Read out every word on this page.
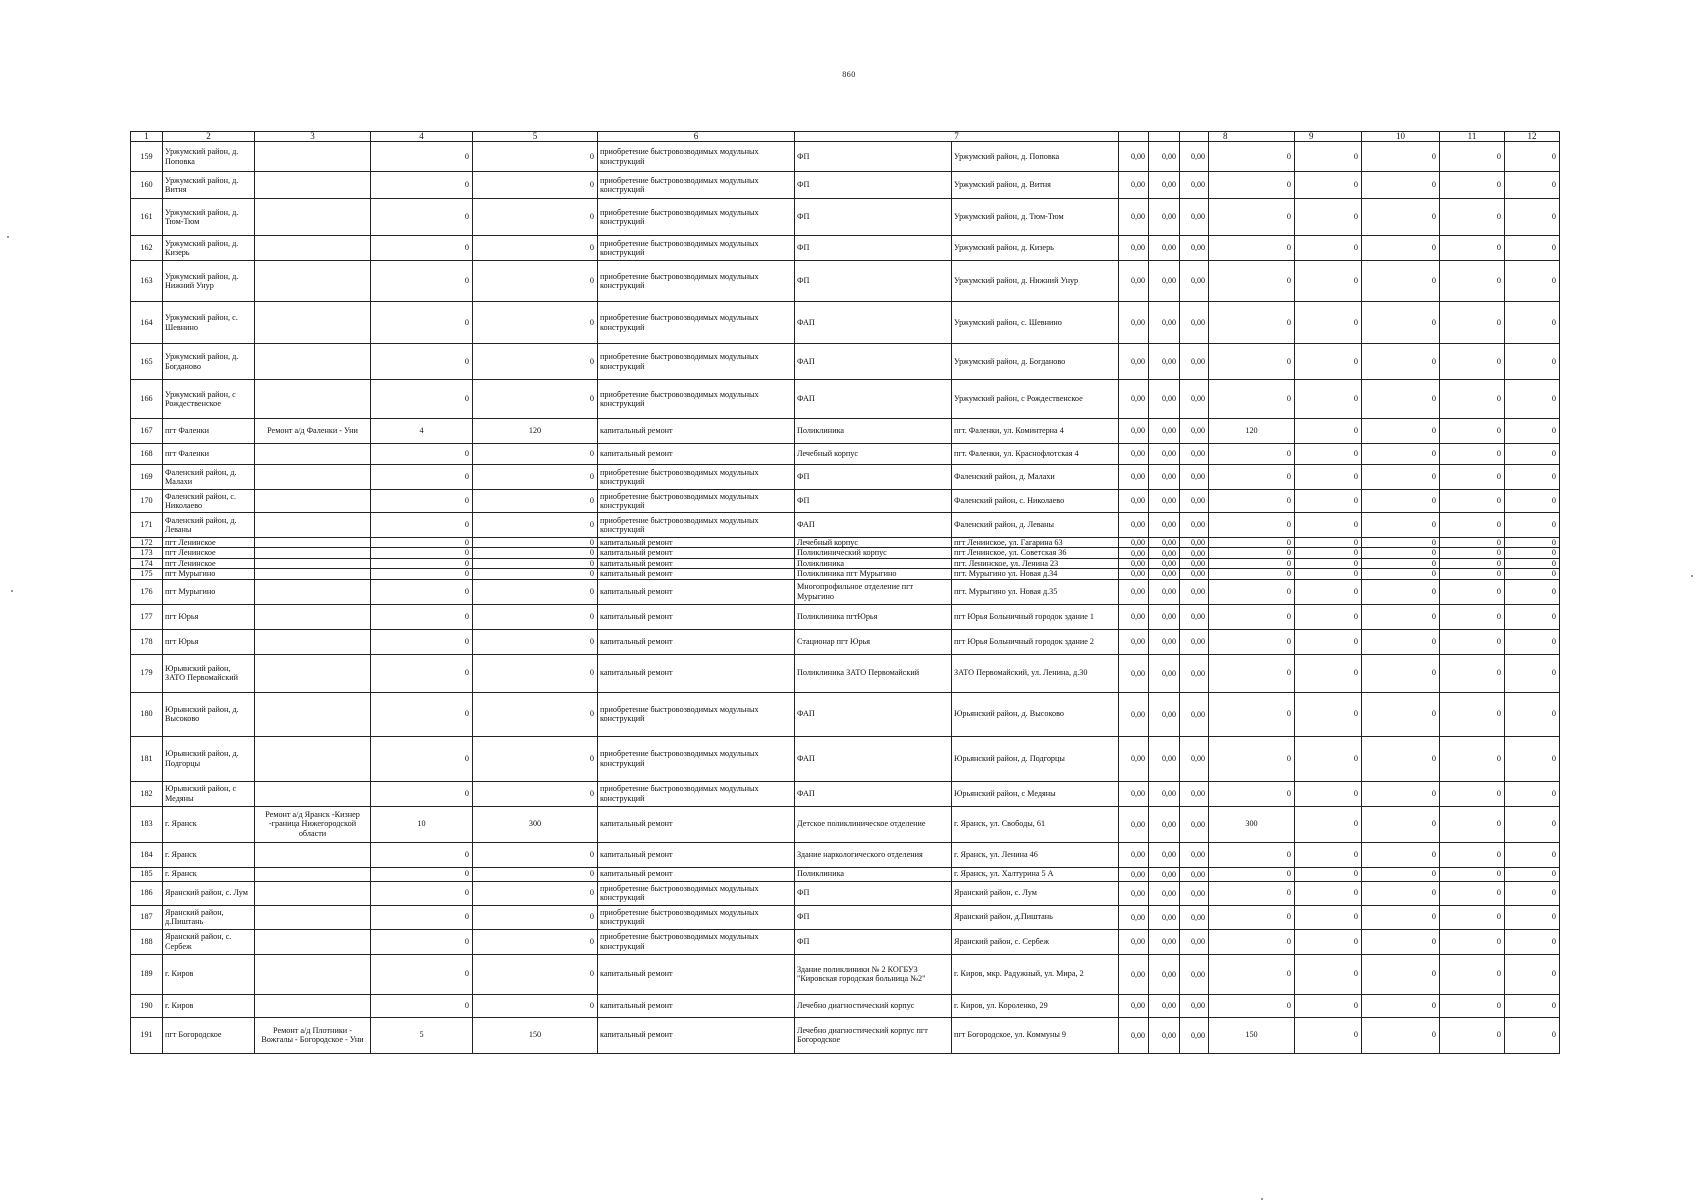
860
1	2	3	4	5	6	7					8	9	10	11	12
159	Уржумский район, д. Поповка		0	0	приобретение быстровозводимых модульных конструкций	ФП	Уржумский район, д. Поповка	0,00	0,00	0,00	0	0	0	0	0
160	Уржумский район, д. Витня		0	0	приобретение быстровозводимых модульных конструкций	ФП	Уржумский район, д. Витня	0,00	0,00	0,00	0	0	0	0	0
161	Уржумский район, д. Тюм-Тюм		0	0	приобретение быстровозводимых модульных конструкций	ФП	Уржумский район, д. Тюм-Тюм	0,00	0,00	0,00	0	0	0	0	0
162	Уржумский район, д. Кизерь		0	0	приобретение быстровозводимых модульных конструкций	ФП	Уржумский район, д. Кизерь	0,00	0,00	0,00	0	0	0	0	0
163	Уржумский район, д. Нижний Унур		0	0	приобретение быстровозводимых модульных конструкций	ФП	Уржумский район, д. Нижний Унур	0,00	0,00	0,00	0	0	0	0	0
164	Уржумский район, с. Шевнино		0	0	приобретение быстровозводимых модульных конструкций	ФАП	Уржумский район, с. Шевнино	0,00	0,00	0,00	0	0	0	0	0
165	Уржумский район, д. Богданово		0	0	приобретение быстровозводимых модульных конструкций	ФАП	Уржумский район, д. Богданово	0,00	0,00	0,00	0	0	0	0	0
166	Уржумский район, с Рождественское		0	0	приобретение быстровозводимых модульных конструкций	ФАП	Уржумский район, с Рождественское	0,00	0,00	0,00	0	0	0	0	0
167	пгт Фаленки	Ремонт а/д Фаленки - Уни	4	120	капитальный ремонт	Поликлиника	пгт. Фаленки, ул. Коминтерна 4	0,00	0,00	0,00	120	0	0	0	0
168	пгт Фаленки		0	0	капитальный ремонт	Лечебный корпус	пгт. Фаленки, ул. Краснофлотская 4	0,00	0,00	0,00	0	0	0	0	0
169	Фаленский район, д. Малахи		0	0	приобретение быстровозводимых модульных конструкций	ФП	Фаленский район, д. Малахи	0,00	0,00	0,00	0	0	0	0	0
170	Фаленский район, с. Николаево		0	0	приобретение быстровозводимых модульных конструкций	ФП	Фаленский район, с. Николаево	0,00	0,00	0,00	0	0	0	0	0
171	Фаленский район, д. Леваны		0	0	приобретение быстровозводимых модульных конструкций	ФАП	Фаленский район, д. Леваны	0,00	0,00	0,00	0	0	0	0	0
172	пгт Ленинское		0	0	капитальный ремонт	Лечебный корпус	пгт Ленинское, ул. Гагарина 63	0,00	0,00	0,00	0	0	0	0	0
173	пгт Ленинское		0	0	капитальный ремонт	Поликлинический корпус	пгт Ленинское, ул. Советская 36	0,00	0,00	0,00	0	0	0	0	0
174	пгт Ленинское		0	0	капитальный ремонт	Поликлиника	пгт. Ленинское, ул. Ленина 23	0,00	0,00	0,00	0	0	0	0	0
175	пгт Мурыгино		0	0	капитальный ремонт	Поликлиника пгт Мурыгино	пгт. Мурыгино ул. Новая д.34	0,00	0,00	0,00	0	0	0	0	0
176	пгт Мурыгино		0	0	капитальный ремонт	Многопрофильное отделение пгт Мурыгино	пгт. Мурыгино ул. Новая д.35	0,00	0,00	0,00	0	0	0	0	0
177	пгт Юрья		0	0	капитальный ремонт	Поликлиника пгтЮрья	пгт Юрья Больничный городок здание 1	0,00	0,00	0,00	0	0	0	0	0
178	пгт Юрья		0	0	капитальный ремонт	Стационар пгт Юрья	пгт Юрья Больничный городок здание 2	0,00	0,00	0,00	0	0	0	0	0
179	Юрьянский район, ЗАТО Первомайский		0	0	капитальный ремонт	Поликлиника ЗАТО Первомайский	ЗАТО Первомайский, ул. Ленина, д.30	0,00	0,00	0,00	0	0	0	0	0
180	Юрьянский район, д. Высоково		0	0	приобретение быстровозводимых модульных конструкций	ФАП	Юрьянский район, д. Высоково	0,00	0,00	0,00	0	0	0	0	0
181	Юрьянский район, д. Подгорцы		0	0	приобретение быстровозводимых модульных конструкций	ФАП	Юрьянский район, д. Подгорцы	0,00	0,00	0,00	0	0	0	0	0
182	Юрьянский район, с Медяны		0	0	приобретение быстровозводимых модульных конструкций	ФАП	Юрьянский район, с Медяны	0,00	0,00	0,00	0	0	0	0	0
183	г. Яранск	Ремонт а/д Яранск -Кизнер -граница Нижегородской области	10	300	капитальный ремонт	Детское поликлиническое отделение	г. Яранск, ул. Свободы, 61	0,00	0,00	0,00	300	0	0	0	0
184	г. Яранск		0	0	капитальный ремонт	Здание наркологического отделения	г. Яранск, ул. Ленина 46	0,00	0,00	0,00	0	0	0	0	0
185	г. Яранск		0	0	капитальный ремонт	Поликлиника	г. Яранск, ул. Халтурина 5 А	0,00	0,00	0,00	0	0	0	0	0
186	Яранский район, с. Лум		0	0	приобретение быстровозводимых модульных конструкций	ФП	Яранский район, с. Лум	0,00	0,00	0,00	0	0	0	0	0
187	Яранский район, д.Пиштань		0	0	приобретение быстровозводимых модульных конструкций	ФП	Яранский район, д.Пиштань	0,00	0,00	0,00	0	0	0	0	0
188	Яранский район, с. Сербеж		0	0	приобретение быстровозводимых модульных конструкций	ФП	Яранский район, с. Сербеж	0,00	0,00	0,00	0	0	0	0	0
189	г. Киров		0	0	капитальный ремонт	Здание поликлиники № 2 КОГБУЗ "Кировская городская больница №2"	г. Киров, мкр. Радужный, ул. Мира, 2	0,00	0,00	0,00	0	0	0	0	0
190	г. Киров		0	0	капитальный ремонт	Лечебно диагностический корпус	г. Киров, ул. Короленко, 29	0,00	0,00	0,00	0	0	0	0	0
191	пгт Богородское	Ремонт а/д Плотники - Вожгалы - Богородское - Уни	5	150	капитальный ремонт	Лечебно диагностический корпус пгт Богородское	пгт Богородское, ул. Коммуны 9	0,00	0,00	0,00	150	0	0	0	0
